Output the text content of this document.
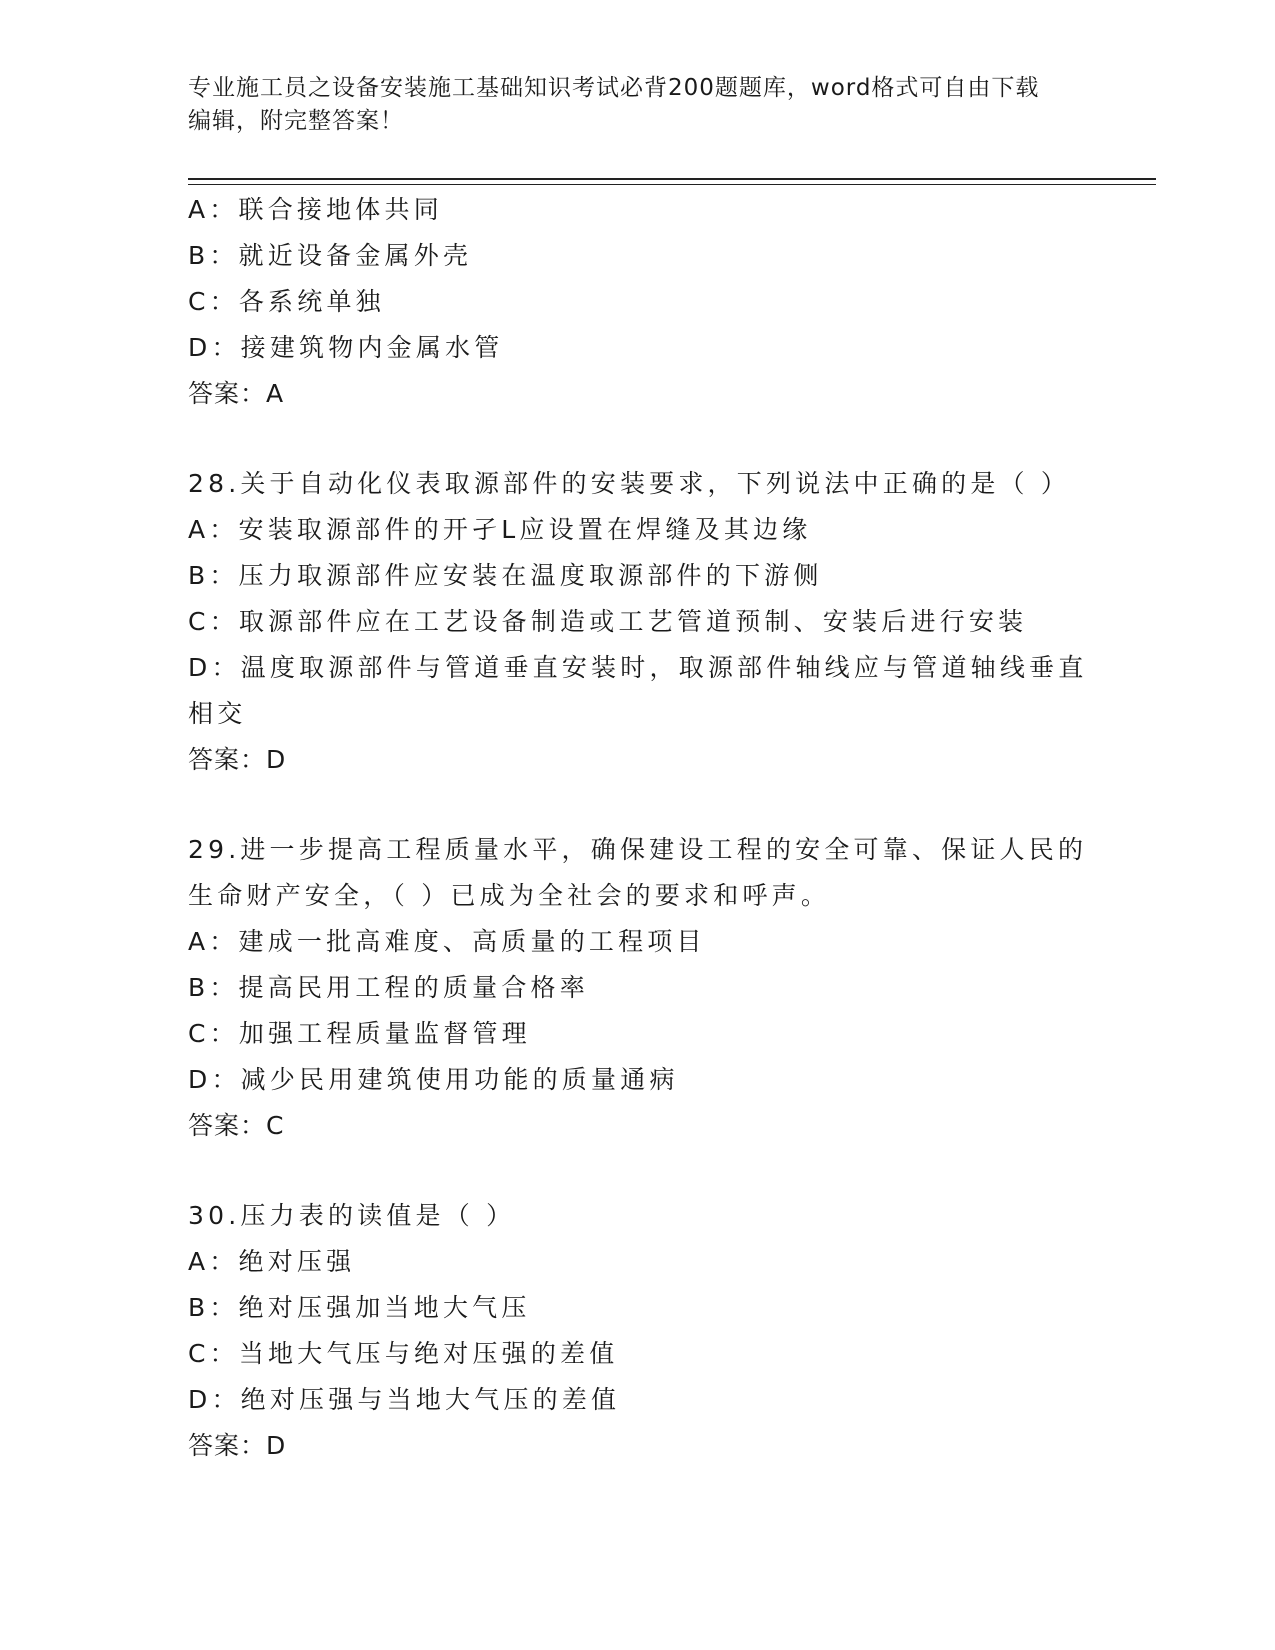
专业施工员之设备安装施工基础知识考试必背200题题库，word格式可自由下载
编辑，附完整答案！
A：联合接地体共同
B：就近设备金属外壳
C：各系统单独
D：接建筑物内金属水管
答案：A
28.关于自动化仪表取源部件的安装要求，下列说法中正确的是（ ）
A：安装取源部件的开孑L应设置在焊缝及其边缘
B：压力取源部件应安装在温度取源部件的下游侧
C：取源部件应在工艺设备制造或工艺管道预制、安装后进行安装
D：温度取源部件与管道垂直安装时，取源部件轴线应与管道轴线垂直
相交
答案：D
29.进一步提高工程质量水平，确保建设工程的安全可靠、保证人民的
生命财产安全，（ ）已成为全社会的要求和呼声。
A：建成一批高难度、高质量的工程项目
B：提高民用工程的质量合格率
C：加强工程质量监督管理
D：减少民用建筑使用功能的质量通病
答案：C
30.压力表的读值是（ ）
A：绝对压强
B：绝对压强加当地大气压
C：当地大气压与绝对压强的差值
D：绝对压强与当地大气压的差值
答案：D
